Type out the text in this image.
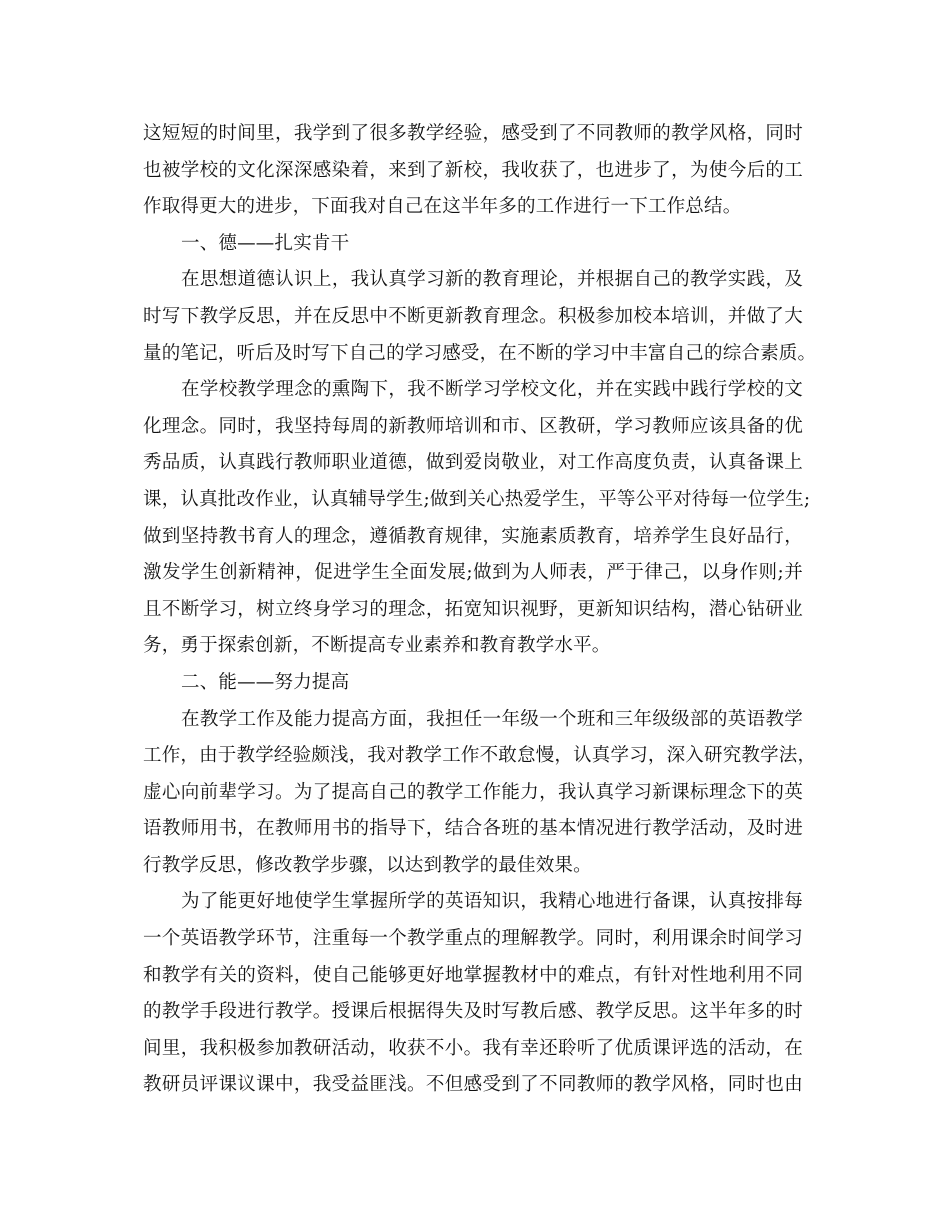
这短短的时间里，我学到了很多教学经验，感受到了不同教师的教学风格，同时
也被学校的文化深深感染着，来到了新校，我收获了，也进步了，为使今后的工
作取得更大的进步，下面我对自己在这半年多的工作进行一下工作总结。
一、德——扎实肯干
在思想道德认识上，我认真学习新的教育理论，并根据自己的教学实践，及
时写下教学反思，并在反思中不断更新教育理念。积极参加校本培训，并做了大
量的笔记，听后及时写下自己的学习感受，在不断的学习中丰富自己的综合素质。
在学校教学理念的熏陶下，我不断学习学校文化，并在实践中践行学校的文
化理念。同时，我坚持每周的新教师培训和市、区教研，学习教师应该具备的优
秀品质，认真践行教师职业道德，做到爱岗敬业，对工作高度负责，认真备课上
课，认真批改作业，认真辅导学生;做到关心热爱学生，平等公平对待每一位学生;
做到坚持教书育人的理念，遵循教育规律，实施素质教育，培养学生良好品行，
激发学生创新精神，促进学生全面发展;做到为人师表，严于律己，以身作则;并
且不断学习，树立终身学习的理念，拓宽知识视野，更新知识结构，潜心钻研业
务，勇于探索创新，不断提高专业素养和教育教学水平。
二、能——努力提高
在教学工作及能力提高方面，我担任一年级一个班和三年级级部的英语教学
工作，由于教学经验颇浅，我对教学工作不敢怠慢，认真学习，深入研究教学法，
虚心向前辈学习。为了提高自己的教学工作能力，我认真学习新课标理念下的英
语教师用书，在教师用书的指导下，结合各班的基本情况进行教学活动，及时进
行教学反思，修改教学步骤，以达到教学的最佳效果。
为了能更好地使学生掌握所学的英语知识，我精心地进行备课，认真按排每
一个英语教学环节，注重每一个教学重点的理解教学。同时，利用课余时间学习
和教学有关的资料，使自己能够更好地掌握教材中的难点，有针对性地利用不同
的教学手段进行教学。授课后根据得失及时写教后感、教学反思。这半年多的时
间里，我积极参加教研活动，收获不小。我有幸还聆听了优质课评选的活动，在
教研员评课议课中，我受益匪浅。不但感受到了不同教师的教学风格，同时也由
